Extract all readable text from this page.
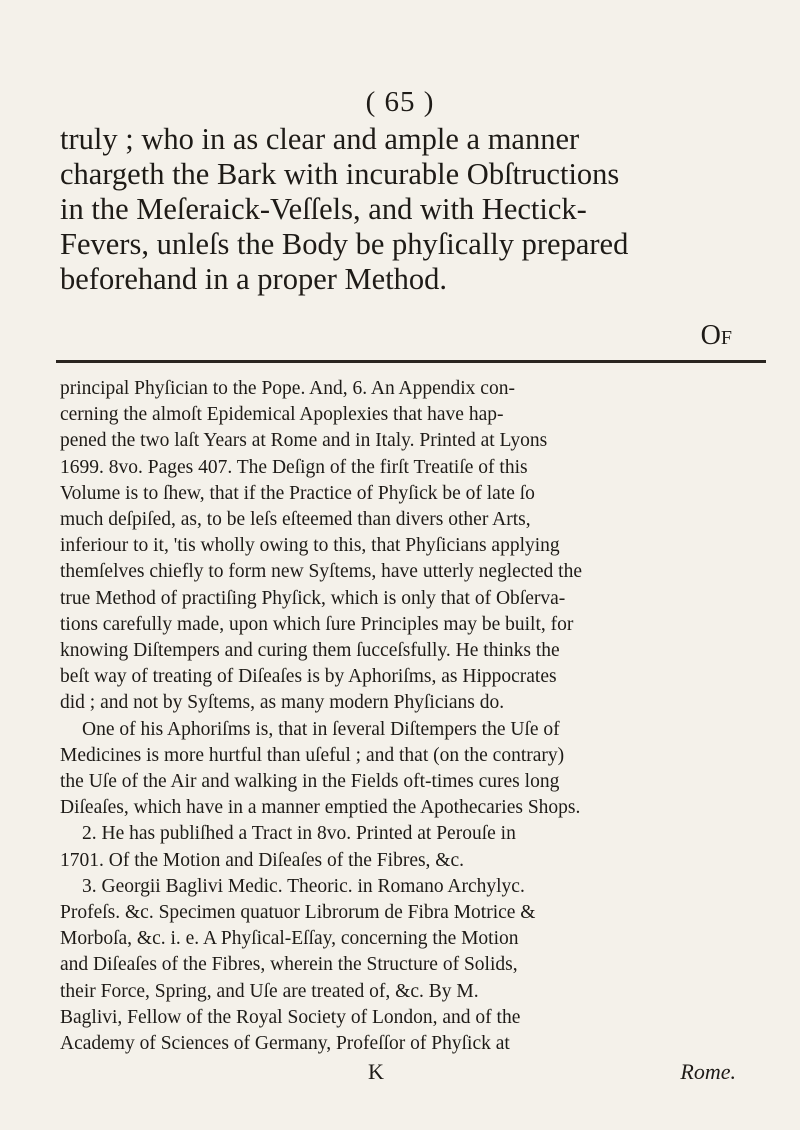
( 65 )
truly ; who in as clear and ample a manner
chargeth the Bark with incurable Obſtructions
in the Meſeraick-Veſſels, and with Hectick-
Fevers, unleſs the Body be phyſically prepared
beforehand in a proper Method.
Of
principal Phyſician to the Pope. And, 6. An Appendix con-
cerning the almoſt Epidemical Apoplexies that have hap-
pened the two laſt Years at Rome and in Italy. Printed at Lyons
1699. 8vo. Pages 407. The Deſign of the firſt Treatiſe of this
Volume is to ſhew, that if the Practice of Phyſick be of late ſo
much deſpiſed, as, to be leſs eſteemed than divers other Arts,
inferiour to it, 'tis wholly owing to this, that Phyſicians applying
themſelves chiefly to form new Syſtems, have utterly neglected the
true Method of practiſing Phyſick, which is only that of Obſerva-
tions carefully made, upon which ſure Principles may be built, for
knowing Diſtempers and curing them ſucceſsfully. He thinks the
beſt way of treating of Diſeaſes is by Aphoriſms, as Hippocrates
did ; and not by Syſtems, as many modern Phyſicians do.
One of his Aphoriſms is, that in ſeveral Diſtempers the Uſe of
Medicines is more hurtful than uſeful ; and that (on the contrary)
the Uſe of the Air and walking in the Fields oft-times cures long
Diſeaſes, which have in a manner emptied the Apothecaries Shops.
2. He has publiſhed a Tract in 8vo. Printed at Perouſe in
1701. Of the Motion and Diſeaſes of the Fibres, &c.
3. Georgii Baglivi Medic. Theoric. in Romano Archylyc.
Profeſs. &c. Specimen quatuor Librorum de Fibra Motrice &
Morboſa, &c. i. e. A Phyſical-Eſſay, concerning the Motion
and Diſeaſes of the Fibres, wherein the Structure of Solids,
their Force, Spring, and Uſe are treated of, &c. By M.
Baglivi, Fellow of the Royal Society of London, and of the
Academy of Sciences of Germany, Profeſſor of Phyſick at
K	Rome.
